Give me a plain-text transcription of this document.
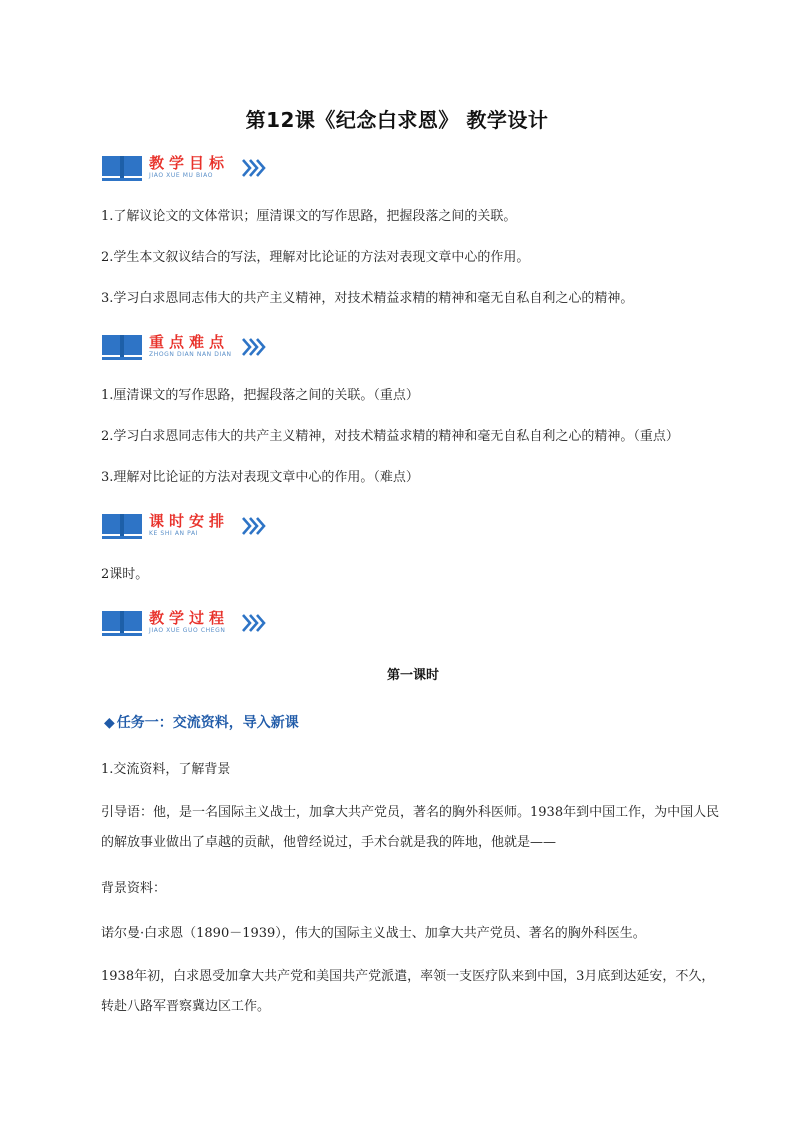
第12课《纪念白求恩》 教学设计
教学目标
JIAO XUE MU BIAO
1.了解议论文的文体常识；厘清课文的写作思路，把握段落之间的关联。
2.学生本文叙议结合的写法，理解对比论证的方法对表现文章中心的作用。
3.学习白求恩同志伟大的共产主义精神，对技术精益求精的精神和毫无自私自利之心的精神。
重点难点
ZHOGN DIAN NAN DIAN
1.厘清课文的写作思路，把握段落之间的关联。（重点）
2.学习白求恩同志伟大的共产主义精神，对技术精益求精的精神和毫无自私自利之心的精神。（重点）
3.理解对比论证的方法对表现文章中心的作用。（难点）
课时安排
KE SHI AN PAI
2课时。
教学过程
JIAO XUE GUO CHEGN
第一课时
◆ 任务一：交流资料，导入新课
1.交流资料，了解背景
引导语：他，是一名国际主义战士，加拿大共产党员，著名的胸外科医师。1938年到中国工作，为中国人民的解放事业做出了卓越的贡献，他曾经说过，手术台就是我的阵地，他就是——
背景资料：
诺尔曼·白求恩（1890－1939），伟大的国际主义战士、加拿大共产党员、著名的胸外科医生。
1938年初，白求恩受加拿大共产党和美国共产党派遣，率领一支医疗队来到中国，3月底到达延安，不久，转赴八路军晋察冀边区工作。
